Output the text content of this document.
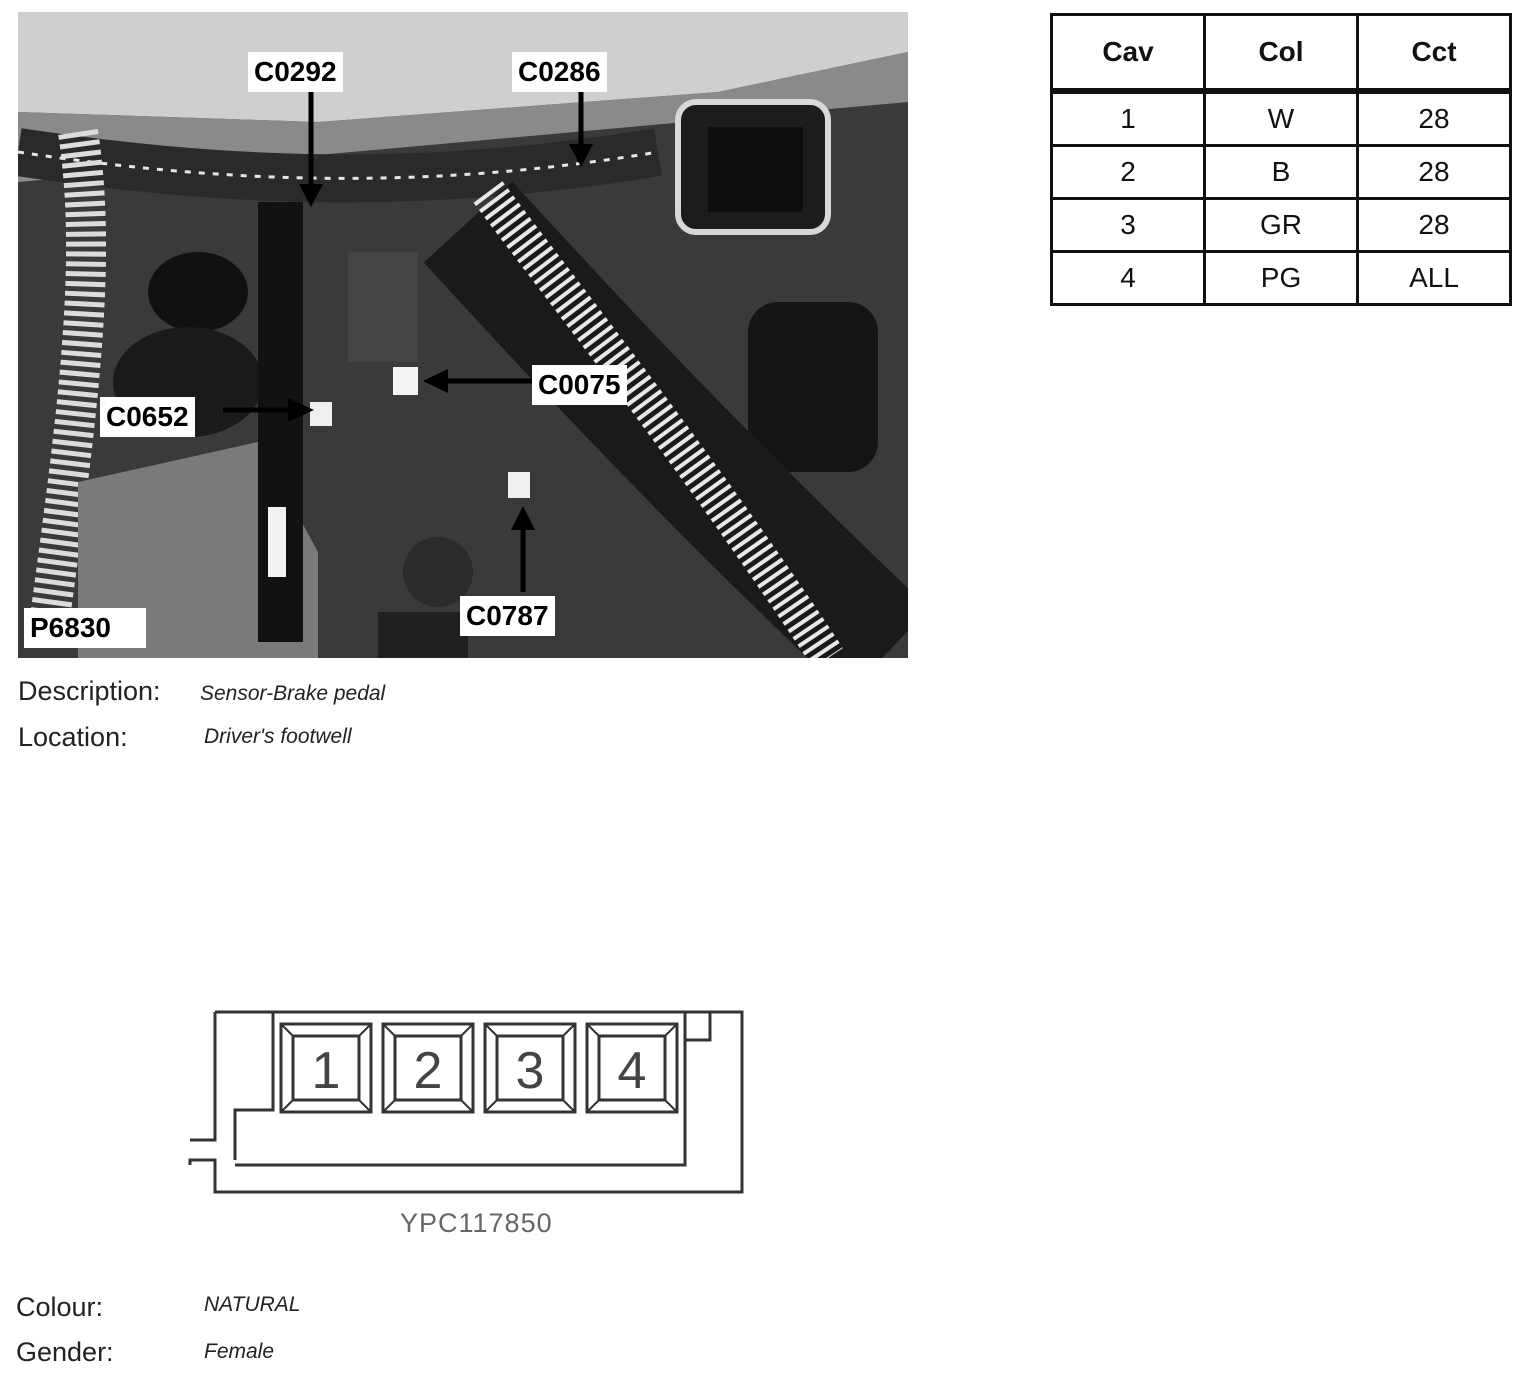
C0292	C0286
C0075
C0652
C0787
P6830
Description: Sensor-Brake pedal
Location:	Driver's footwell
Cav	Col	Cct
1	W	28
2	B	28
3	GR	28
4	PG	ALL
1 2 3 4
YPC117850
Colour:	NATURAL
Gender:	Female
